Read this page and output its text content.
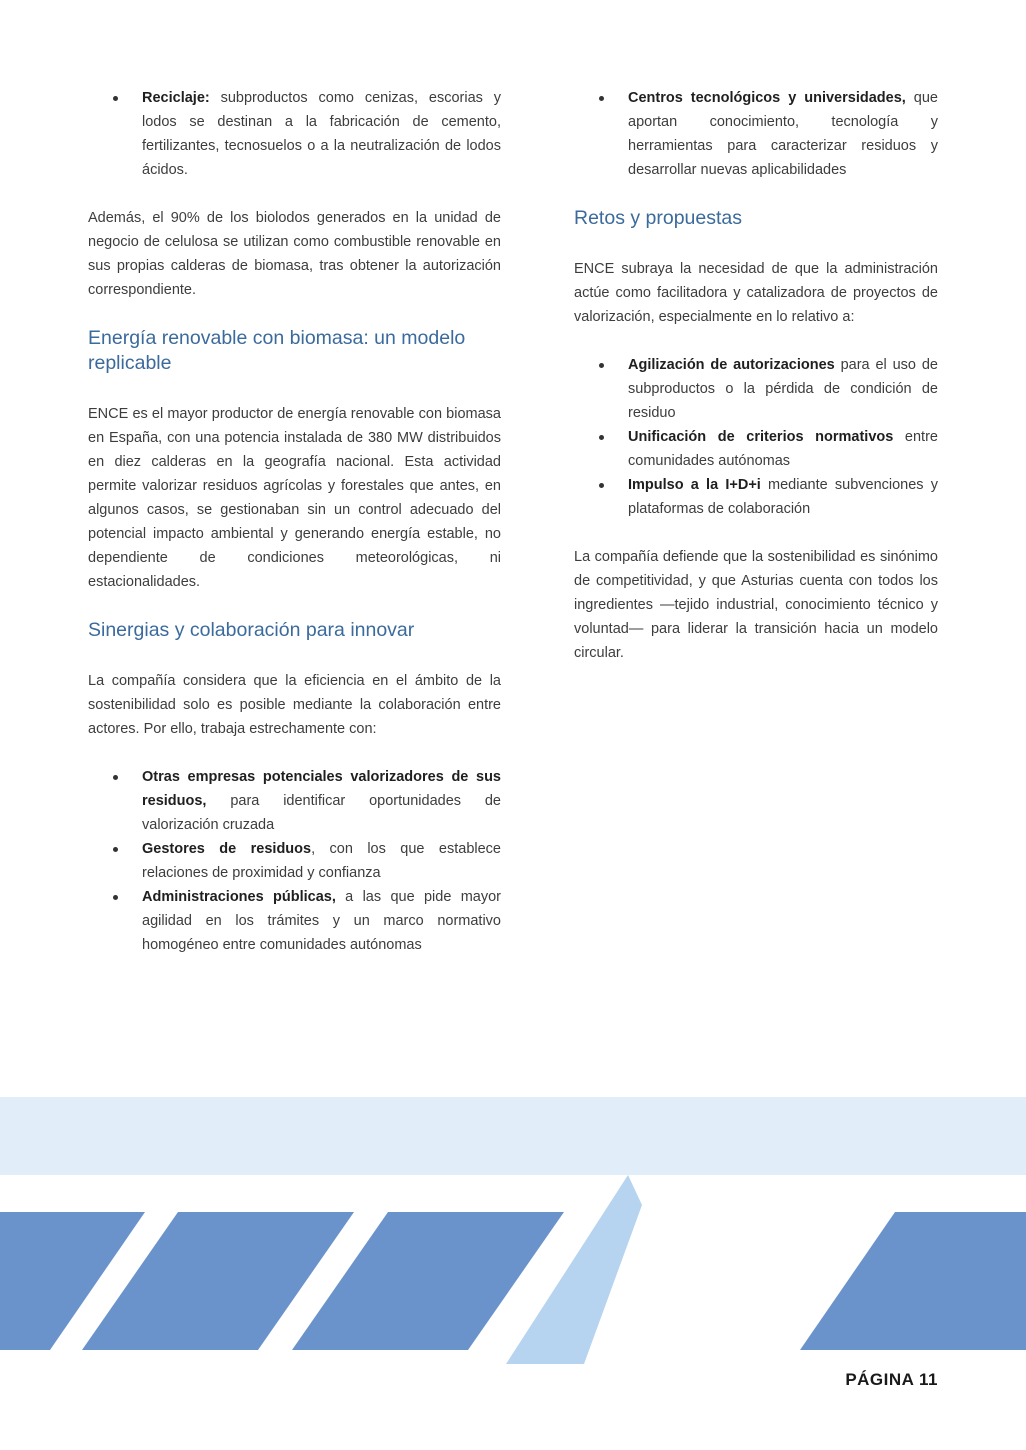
Reciclaje: subproductos como cenizas, escorias y lodos se destinan a la fabricación de cemento, fertilizantes, tecnosuelos o a la neutralización de lodos ácidos.

Además, el 90% de los biolodos generados en la unidad de negocio de celulosa se utilizan como combustible renovable en sus propias calderas de biomasa, tras obtener la autorización correspondiente.

Energía renovable con biomasa: un modelo replicable

ENCE es el mayor productor de energía renovable con biomasa en España, con una potencia instalada de 380 MW distribuidos en diez calderas en la geografía nacional. Esta actividad permite valorizar residuos agrícolas y forestales que antes, en algunos casos, se gestionaban sin un control adecuado del potencial impacto ambiental y generando energía estable, no dependiente de condiciones meteorológicas, ni estacionalidades.

Sinergias y colaboración para innovar

La compañía considera que la eficiencia en el ámbito de la sostenibilidad solo es posible mediante la colaboración entre actores. Por ello, trabaja estrechamente con:

Otras empresas potenciales valorizadores de sus residuos, para identificar oportunidades de valorización cruzada
Gestores de residuos, con los que establece relaciones de proximidad y confianza
Administraciones públicas, a las que pide mayor agilidad en los trámites y un marco normativo homogéneo entre comunidades autónomas
Centros tecnológicos y universidades, que aportan conocimiento, tecnología y herramientas para caracterizar residuos y desarrollar nuevas aplicabilidades
Retos y propuestas

ENCE subraya la necesidad de que la administración actúe como facilitadora y catalizadora de proyectos de valorización, especialmente en lo relativo a:

Agilización de autorizaciones para el uso de subproductos o la pérdida de condición de residuo
Unificación de criterios normativos entre comunidades autónomas
Impulso a la I+D+i mediante subvenciones y plataformas de colaboración

La compañía defiende que la sostenibilidad es sinónimo de competitividad, y que Asturias cuenta con todos los ingredientes —tejido industrial, conocimiento técnico y voluntad— para liderar la transición hacia un modelo circular.

PÁGINA 11
